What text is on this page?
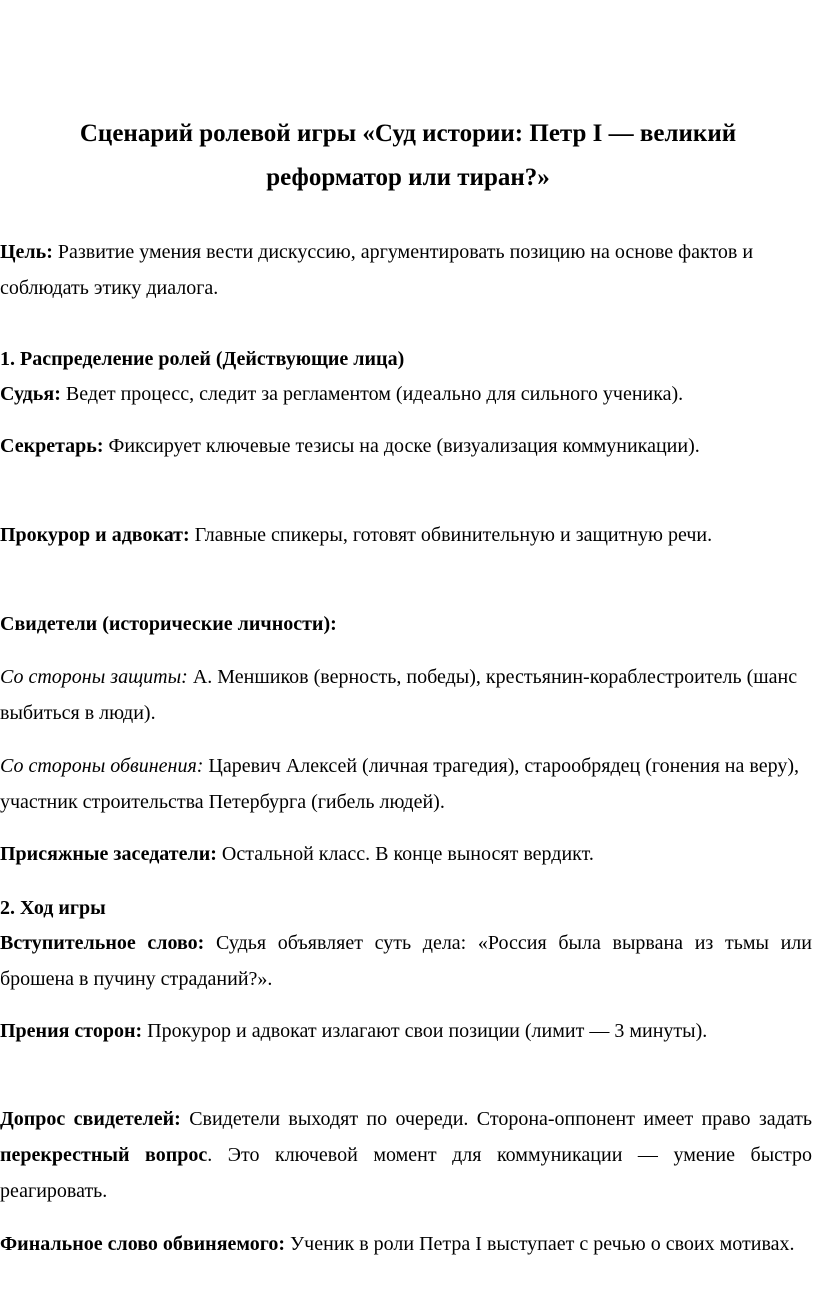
Сценарий ролевой игры «Суд истории: Петр I — великий реформатор или тиран?»

Цель: Развитие умения вести дискуссию, аргументировать позицию на основе фактов и соблюдать этику диалога.

1. Распределение ролей (Действующие лица)

Судья: Ведет процесс, следит за регламентом (идеально для сильного ученика).

Секретарь: Фиксирует ключевые тезисы на доске (визуализация коммуникации).

Прокурор и адвокат: Главные спикеры, готовят обвинительную и защитную речи.

Свидетели (исторические личности):

Со стороны защиты: А. Меншиков (верность, победы), крестьянин-кораблестроитель (шанс выбиться в люди).

Со стороны обвинения: Царевич Алексей (личная трагедия), старообрядец (гонения на веру), участник строительства Петербурга (гибель людей).

Присяжные заседатели: Остальной класс. В конце выносят вердикт.

2. Ход игры

Вступительное слово: Судья объявляет суть дела: «Россия была вырвана из тьмы или брошена в пучину страданий?».

Прения сторон: Прокурор и адвокат излагают свои позиции (лимит — 3 минуты).

Допрос свидетелей: Свидетели выходят по очереди. Сторона-оппонент имеет право задать перекрестный вопрос. Это ключевой момент для коммуникации — умение быстро реагировать.

Финальное слово обвиняемого: Ученик в роли Петра I выступает с речью о своих мотивах.
